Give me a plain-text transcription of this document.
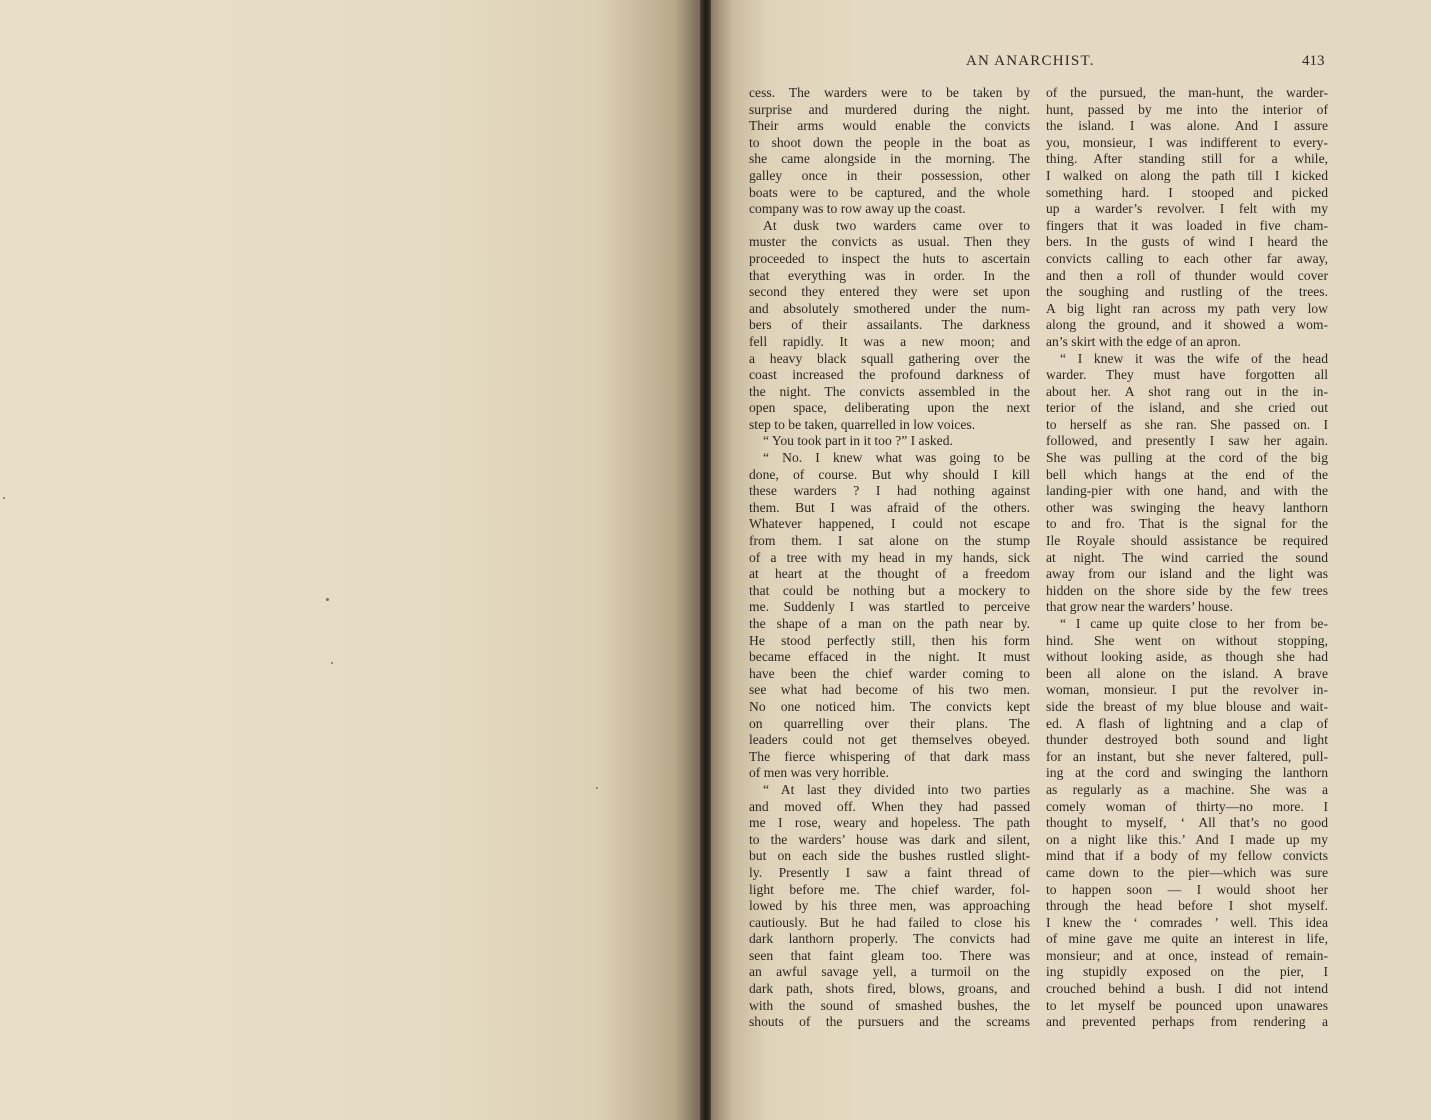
AN ANARCHIST.	413
cess. The warders were to be taken by
surprise and murdered during the night.
Their arms would enable the convicts
to shoot down the people in the boat as
she came alongside in the morning. The
galley once in their possession, other
boats were to be captured, and the whole
company was to row away up the coast.
At dusk two warders came over to
muster the convicts as usual. Then they
proceeded to inspect the huts to ascertain
that everything was in order. In the
second they entered they were set upon
and absolutely smothered under the num-
bers of their assailants. The darkness
fell rapidly. It was a new moon; and
a heavy black squall gathering over the
coast increased the profound darkness of
the night. The convicts assembled in the
open space, deliberating upon the next
step to be taken, quarrelled in low voices.
“ You took part in it too ?” I asked.
“ No. I knew what was going to be
done, of course. But why should I kill
these warders ? I had nothing against
them. But I was afraid of the others.
Whatever happened, I could not escape
from them. I sat alone on the stump
of a tree with my head in my hands, sick
at heart at the thought of a freedom
that could be nothing but a mockery to
me. Suddenly I was startled to perceive
the shape of a man on the path near by.
He stood perfectly still, then his form
became effaced in the night. It must
have been the chief warder coming to
see what had become of his two men.
No one noticed him. The convicts kept
on quarrelling over their plans. The
leaders could not get themselves obeyed.
The fierce whispering of that dark mass
of men was very horrible.
“ At last they divided into two parties
and moved off. When they had passed
me I rose, weary and hopeless. The path
to the warders’ house was dark and silent,
but on each side the bushes rustled slight-
ly. Presently I saw a faint thread of
light before me. The chief warder, fol-
lowed by his three men, was approaching
cautiously. But he had failed to close his
dark lanthorn properly. The convicts had
seen that faint gleam too. There was
an awful savage yell, a turmoil on the
dark path, shots fired, blows, groans, and
with the sound of smashed bushes, the
shouts of the pursuers and the screams
of the pursued, the man-hunt, the warder-
hunt, passed by me into the interior of
the island. I was alone. And I assure
you, monsieur, I was indifferent to every-
thing. After standing still for a while,
I walked on along the path till I kicked
something hard. I stooped and picked
up a warder’s revolver. I felt with my
fingers that it was loaded in five cham-
bers. In the gusts of wind I heard the
convicts calling to each other far away,
and then a roll of thunder would cover
the soughing and rustling of the trees.
A big light ran across my path very low
along the ground, and it showed a wom-
an’s skirt with the edge of an apron.
“ I knew it was the wife of the head
warder. They must have forgotten all
about her. A shot rang out in the in-
terior of the island, and she cried out
to herself as she ran. She passed on. I
followed, and presently I saw her again.
She was pulling at the cord of the big
bell which hangs at the end of the
landing-pier with one hand, and with the
other was swinging the heavy lanthorn
to and fro. That is the signal for the
Ile Royale should assistance be required
at night. The wind carried the sound
away from our island and the light was
hidden on the shore side by the few trees
that grow near the warders’ house.
“ I came up quite close to her from be-
hind. She went on without stopping,
without looking aside, as though she had
been all alone on the island. A brave
woman, monsieur. I put the revolver in-
side the breast of my blue blouse and wait-
ed. A flash of lightning and a clap of
thunder destroyed both sound and light
for an instant, but she never faltered, pull-
ing at the cord and swinging the lanthorn
as regularly as a machine. She was a
comely woman of thirty—no more. I
thought to myself, ‘ All that’s no good
on a night like this.’ And I made up my
mind that if a body of my fellow convicts
came down to the pier—which was sure
to happen soon — I would shoot her
through the head before I shot myself.
I knew the ‘ comrades ’ well. This idea
of mine gave me quite an interest in life,
monsieur; and at once, instead of remain-
ing stupidly exposed on the pier, I
crouched behind a bush. I did not intend
to let myself be pounced upon unawares
and prevented perhaps from rendering a
